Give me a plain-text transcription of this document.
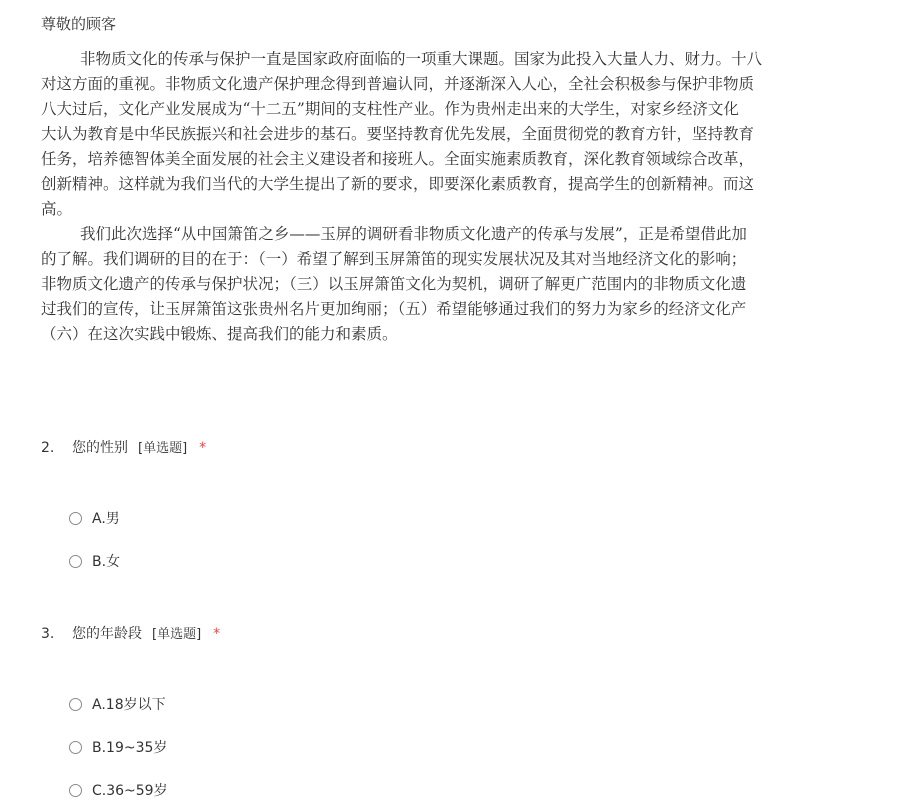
尊敬的顾客
非物质文化的传承与保护一直是国家政府面临的一项重大课题。国家为此投入大量人力、财力。十八
对这方面的重视。非物质文化遗产保护理念得到普遍认同，并逐渐深入人心，全社会积极参与保护非物质
八大过后，文化产业发展成为“十二五”期间的支柱性产业。作为贵州走出来的大学生，对家乡经济文化
大认为教育是中华民族振兴和社会进步的基石。要坚持教育优先发展，全面贯彻党的教育方针，坚持教育
任务，培养德智体美全面发展的社会主义建设者和接班人。全面实施素质教育，深化教育领域综合改革，
创新精神。这样就为我们当代的大学生提出了新的要求，即要深化素质教育，提高学生的创新精神。而这
高。
我们此次选择“从中国箫笛之乡——玉屏的调研看非物质文化遗产的传承与发展”，正是希望借此加
的了解。我们调研的目的在于：（一）希望了解到玉屏箫笛的现实发展状况及其对当地经济文化的影响；
非物质文化遗产的传承与保护状况；（三）以玉屏箫笛文化为契机，调研了解更广范围内的非物质文化遗
过我们的宣传，让玉屏箫笛这张贵州名片更加绚丽；（五）希望能够通过我们的努力为家乡的经济文化产
（六）在这次实践中锻炼、提高我们的能力和素质。
2. 您的性别 [单选题] *
A.男
B.女
3. 您的年龄段 [单选题] *
A.18岁以下
B.19~35岁
C.36~59岁
